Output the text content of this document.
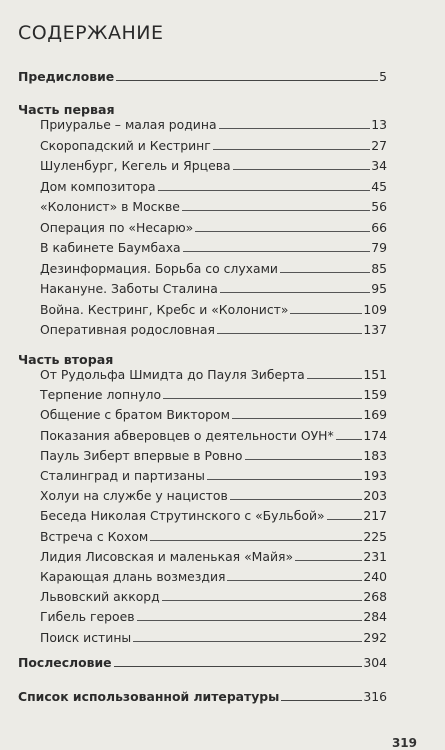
СОДЕРЖАНИЕ
Предисловие	5
Часть первая
Приуралье – малая родина	13
Скоропадский и Кестринг	27
Шуленбург, Кегель и Ярцева	34
Дом композитора	45
«Колонист» в Москве	56
Операция по «Несарю»	66
В кабинете Баумбаха	79
Дезинформация. Борьба со слухами	85
Накануне. Заботы Сталина	95
Война. Кестринг, Кребс и «Колонист»	109
Оперативная родословная	137
Часть вторая
От Рудольфа Шмидта до Пауля Зиберта	151
Терпение лопнуло	159
Общение с братом Виктором	169
Показания абверовцев о деятельности ОУН* 174
Пауль Зиберт впервые в Ровно	183
Сталинград и партизаны	193
Холуи на службе у нацистов	203
Беседа Николая Струтинского с «Бульбой»	217
Встреча с Кохом	225
Лидия Лисовская и маленькая «Майя»	231
Карающая длань возмездия	240
Львовский аккорд	268
Гибель героев	284
Поиск истины	292
Послесловие	304
Список использованной литературы	316
319
